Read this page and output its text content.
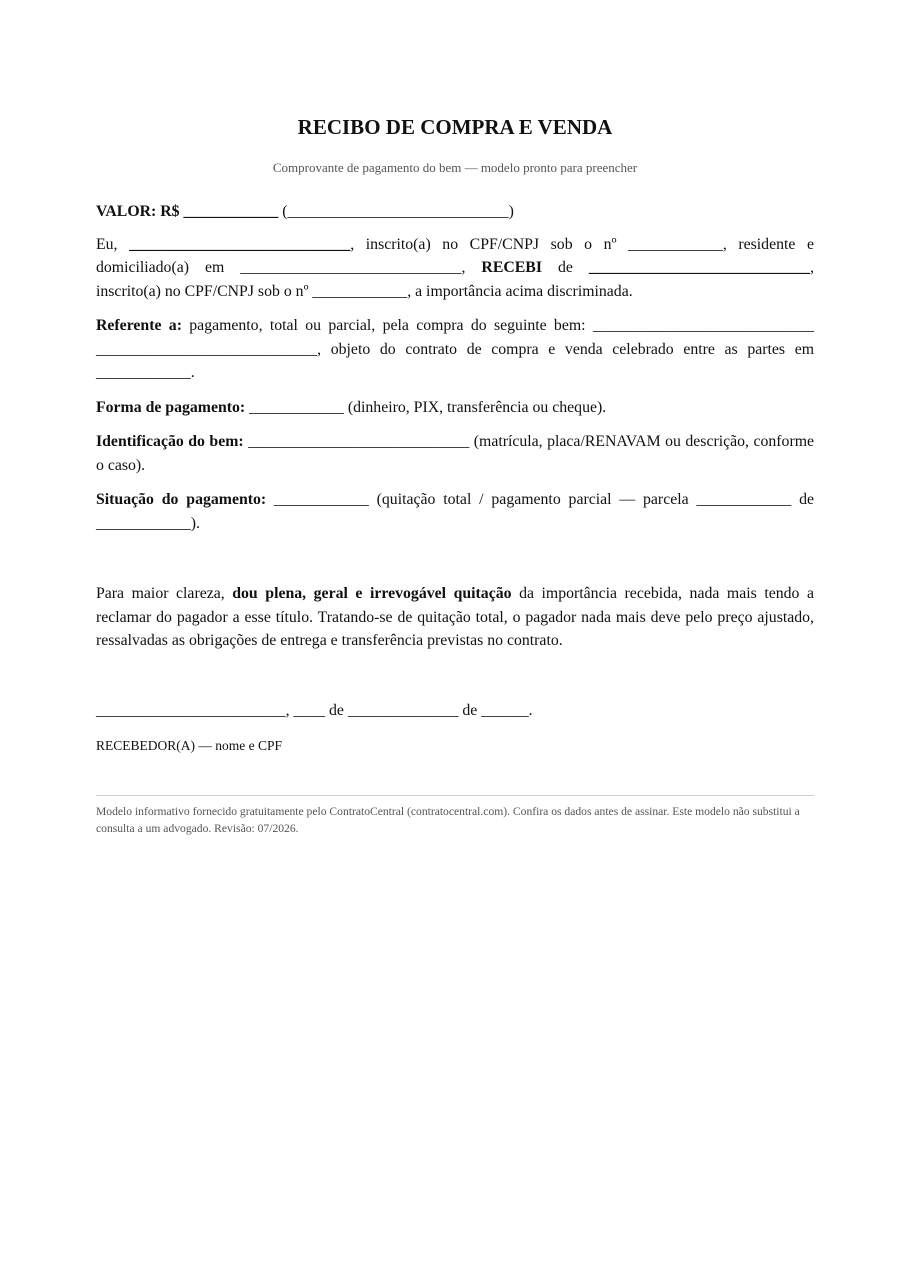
RECIBO DE COMPRA E VENDA

Comprovante de pagamento do bem — modelo pronto para preencher

VALOR: R$ ____________ (____________________________)

Eu, ____________________________, inscrito(a) no CPF/CNPJ sob o nº ____________, residente e domiciliado(a) em ____________________________, RECEBI de ____________________________, inscrito(a) no CPF/CNPJ sob o nº ____________, a importância acima discriminada.

Referente a: pagamento, total ou parcial, pela compra do seguinte bem: ____________________________ ____________________________, objeto do contrato de compra e venda celebrado entre as partes em ____________.

Forma de pagamento: ____________ (dinheiro, PIX, transferência ou cheque).

Identificação do bem: ____________________________ (matrícula, placa/RENAVAM ou descrição, conforme o caso).

Situação do pagamento: ____________ (quitação total / pagamento parcial — parcela ____________ de ____________).

Para maior clareza, dou plena, geral e irrevogável quitação da importância recebida, nada mais tendo a reclamar do pagador a esse título. Tratando-se de quitação total, o pagador nada mais deve pelo preço ajustado, ressalvadas as obrigações de entrega e transferência previstas no contrato.

________________________, ____ de ______________ de ______.

RECEBEDOR(A) — nome e CPF
Modelo informativo fornecido gratuitamente pelo ContratoCentral (contratocentral.com). Confira os dados antes de assinar. Este modelo não substitui a consulta a um advogado. Revisão: 07/2026.
